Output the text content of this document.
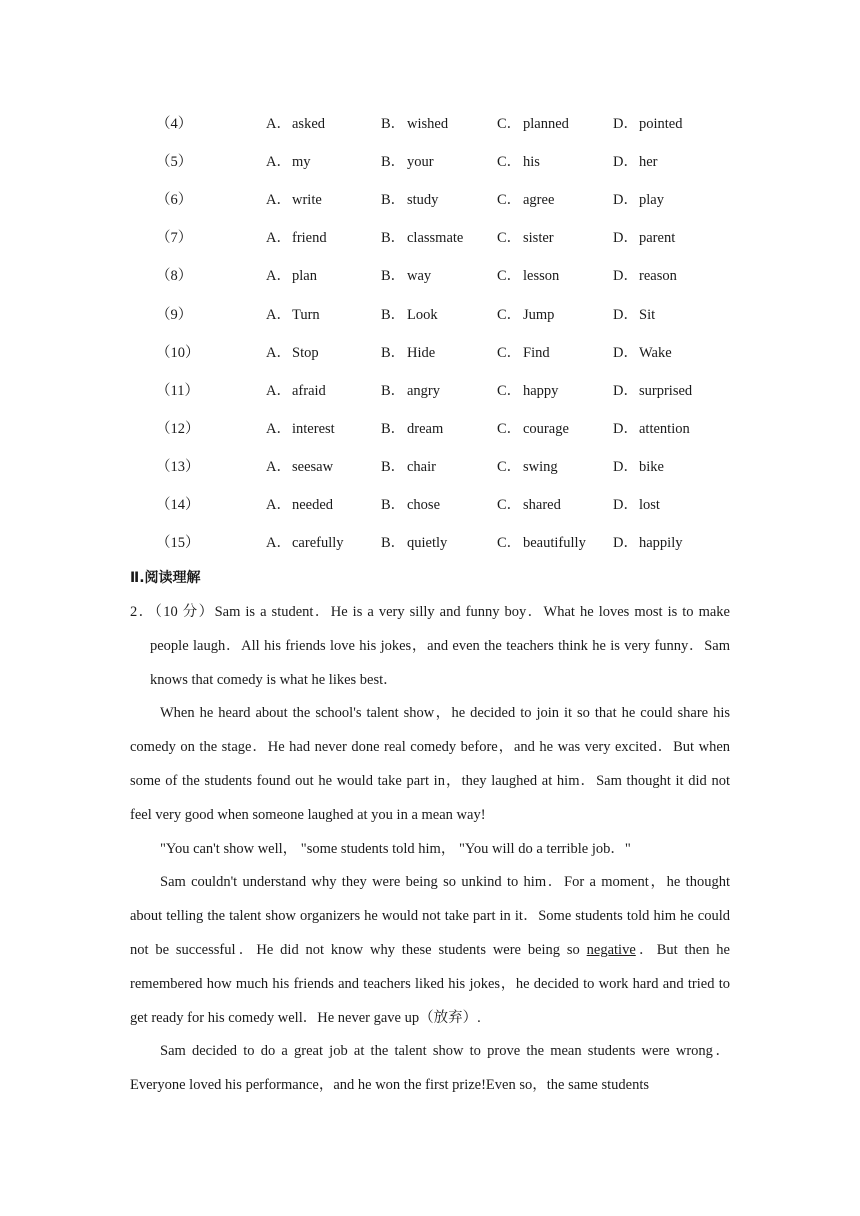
（4）	A．asked	B． wished	C． planned	D．pointed
（5）	A．my	B． your	C． his	D．her
（6）	A．write	B． study	C． agree	D．play
（7）	A．friend	B． classmate C． sister	D．parent
（8）	A．plan	B． way	C． lesson	D．reason
（9）	A．Turn	B． Look	C． Jump	D．Sit
（10）	A．Stop	B． Hide	C． Find	D．Wake
（11）	A．afraid	B． angry	C． happy	D．surprised
（12）	A．interest	B． dream	C． courage	D．attention
（13）	A．seesaw	B． chair	C． swing	D．bike
（14）	A．needed	B． chose	C． shared	D．lost
（15）	A．carefully	B． quietly	C． beautifully D．happily
Ⅱ.阅读理解

2．（10 分）Sam is a student．He is a very silly and funny boy．What he loves most is to make people laugh．All his friends love his jokes，and even the teachers think he is very funny．Sam knows that comedy is what he likes best．

When he heard about the school's talent show，he decided to join it so that he could share his comedy on the stage．He had never done real comedy before，and he was very excited．But when some of the students found out he would take part in，they laughed at him．Sam thought it did not feel very good when someone laughed at you in a mean way!

"You can't show well， "some students told him， "You will do a terrible job．"

Sam couldn't understand why they were being so unkind to him．For a moment，he thought about telling the talent show organizers he would not take part in it．Some students told him he could not be successful．He did not know why these students were being so negative．But then he remembered how much his friends and teachers liked his jokes，he decided to work hard and tried to get ready for his comedy well．He never gave up（放弃）.

Sam decided to do a great job at the talent show to prove the mean students were wrong．Everyone loved his performance，and he won the first prize!Even so，the same students
